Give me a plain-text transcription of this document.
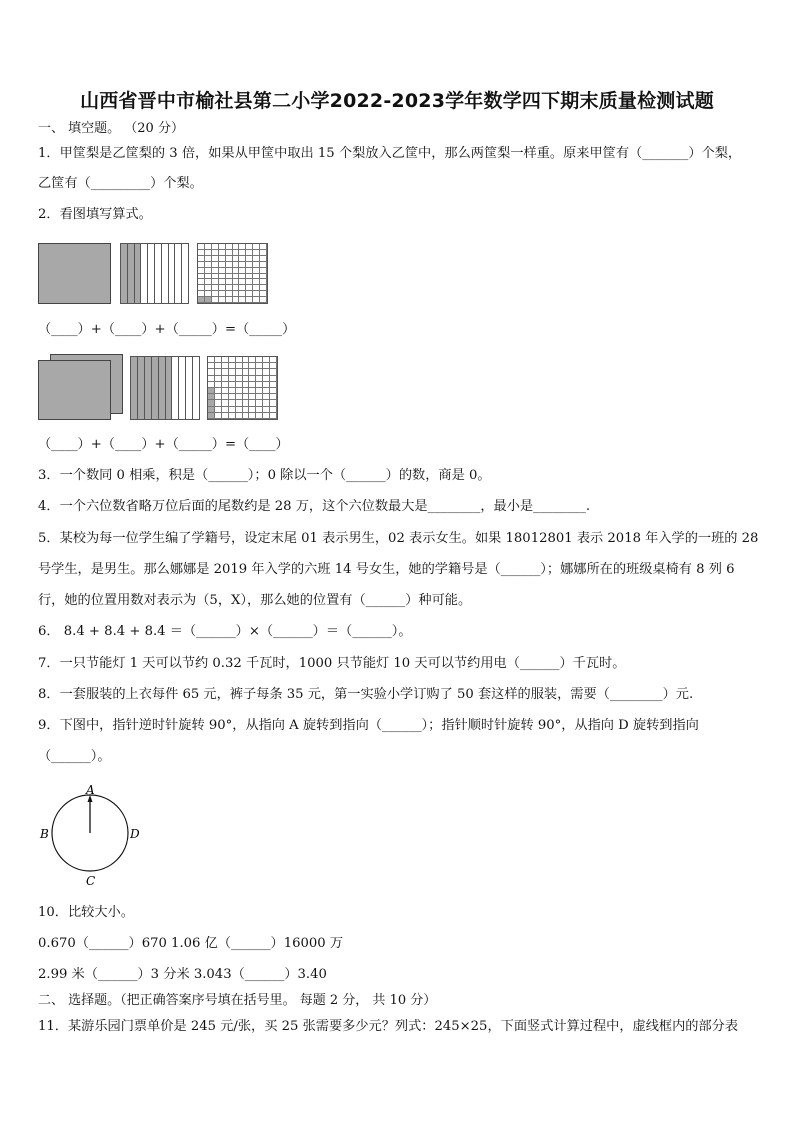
山西省晋中市榆社县第二小学2022-2023学年数学四下期末质量检测试题
一、 填空题。 （20 分）
1．甲筐梨是乙筐梨的 3 倍，如果从甲筐中取出 15 个梨放入乙筐中，那么两筐梨一样重。原来甲筐有（_______）个梨，
乙筐有（_________）个梨。
2．看图填写算式。
（____）+（____）+（_____）=（_____）
（____）+（____）+（_____）=（____）
3．一个数同 0 相乘，积是（______）；0 除以一个（______）的数，商是 0。
4．一个六位数省略万位后面的尾数约是 28 万，这个六位数最大是________，最小是________.
5．某校为每一位学生编了学籍号，设定末尾 01 表示男生，02 表示女生。如果 18012801 表示 2018 年入学的一班的 28
号学生，是男生。那么娜娜是 2019 年入学的六班 14 号女生，她的学籍号是（______）；娜娜所在的班级桌椅有 8 列 6
行，她的位置用数对表示为（5，X），那么她的位置有（______）种可能。
6． 8.4 + 8.4 + 8.4 ＝（______）×（______）＝（______）。
7．一只节能灯 1 天可以节约 0.32 千瓦时，1000 只节能灯 10 天可以节约用电（______）千瓦时。
8．一套服装的上衣每件 65 元，裤子每条 35 元，第一实验小学订购了 50 套这样的服装，需要（________）元.
9．下图中，指针逆时针旋转 90°，从指向 A 旋转到指向（______）；指针顺时针旋转 90°，从指向 D 旋转到指向
（______）。
A
B
C
D
10．比较大小。
0.670（______）670 1.06 亿（______）16000 万
2.99 米（______）3 分米 3.043（______）3.40
二、 选择题。（把正确答案序号填在括号里。 每题 2 分， 共 10 分）
11．某游乐园门票单价是 245 元/张，买 25 张需要多少元？列式：245×25，下面竖式计算过程中，虚线框内的部分表
